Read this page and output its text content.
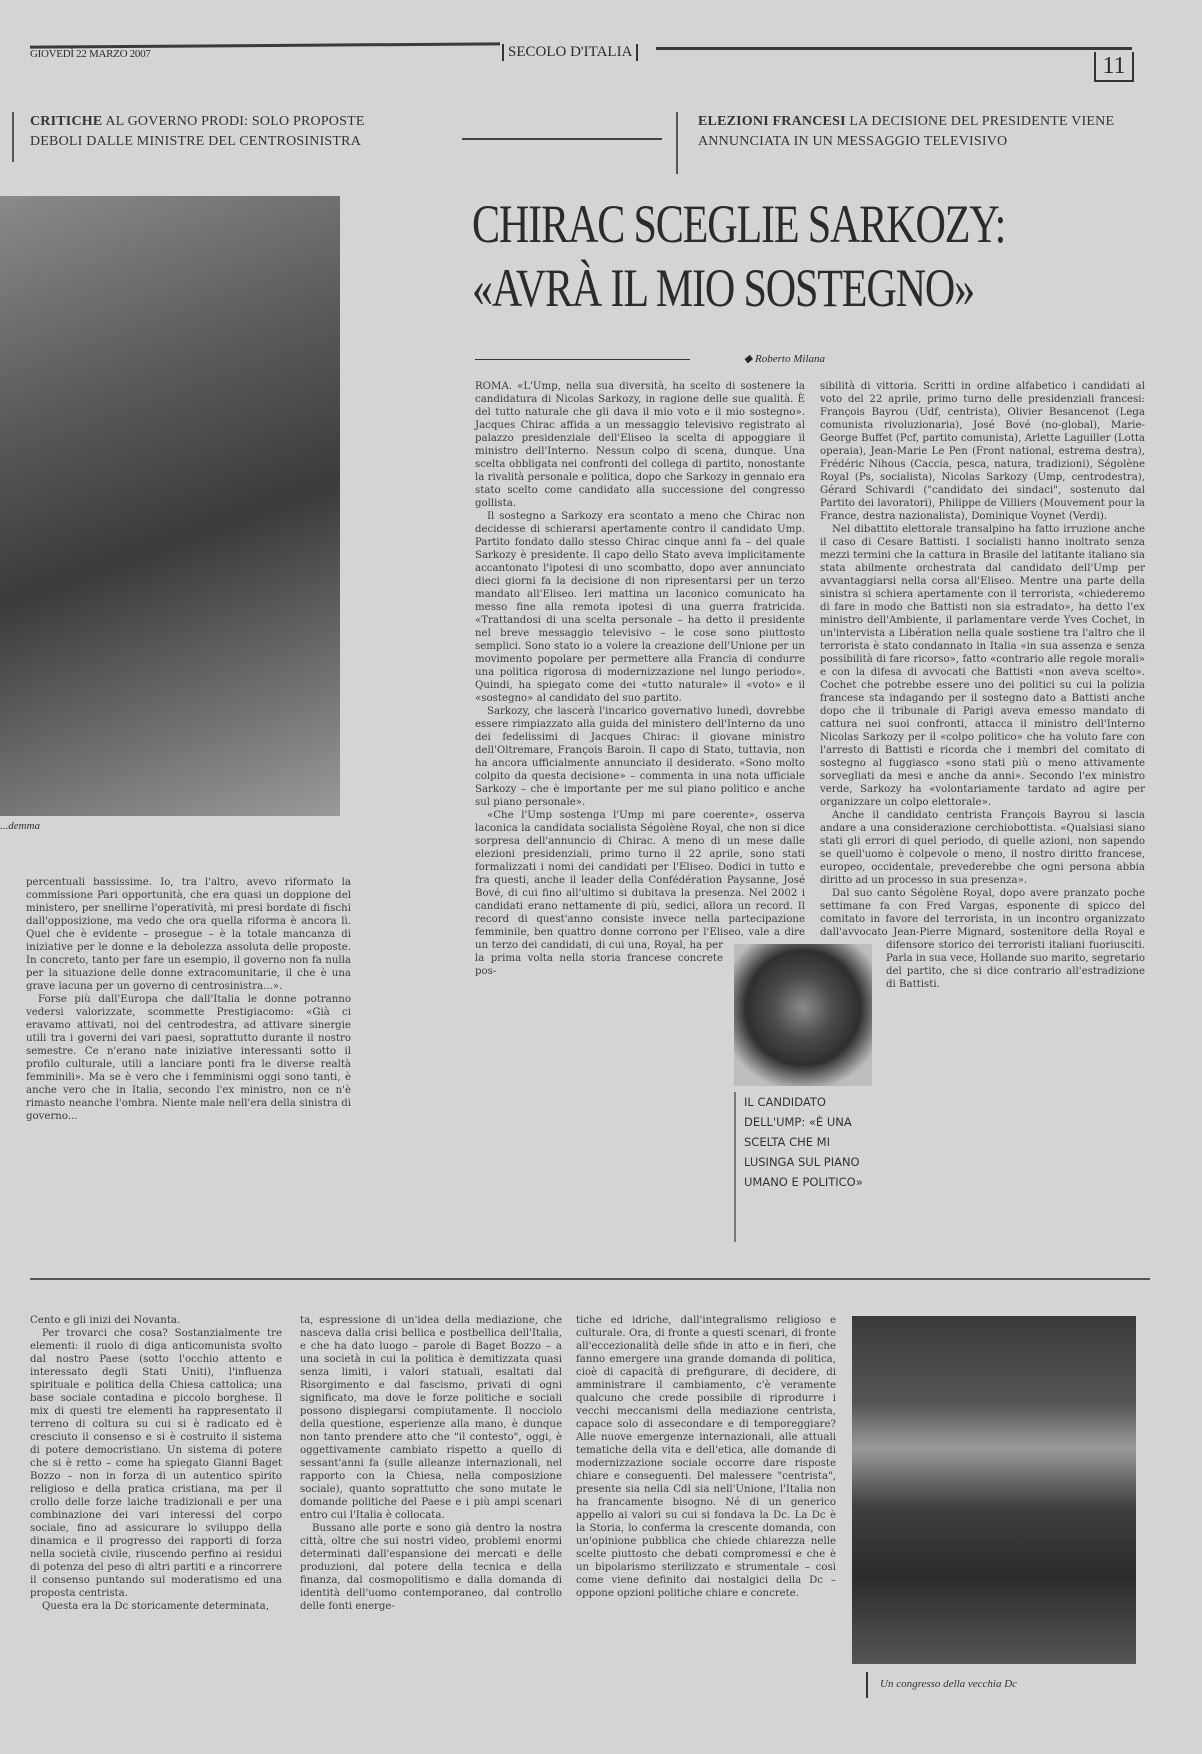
GIOVEDÌ 22 MARZO 2007	SECOLO D'ITALIA
11
CRITICHE AL GOVERNO PRODI: SOLO PROPOSTE DEBOLI DALLE MINISTRE DEL CENTROSINISTRA
ELEZIONI FRANCESI LA DECISIONE DEL PRESIDENTE VIENE ANNUNCIATA IN UN MESSAGGIO TELEVISIVO
CHIRAC SCEGLIE SARKOZY:
«AVRÀ IL MIO SOSTEGNO»
...demma

percentuali bassissime. Io, tra l'altro, avevo riformato la commissione Pari opportunità, che era quasi un doppione del ministero, per snellirne l'operatività, mi presi bordate di fischi dall'opposizione, ma vedo che ora quella riforma è ancora lì. Quel che è evidente – prosegue – è la totale mancanza di iniziative per le donne e la debolezza assoluta delle proposte. In concreto, tanto per fare un esempio, il governo non fa nulla per la situazione delle donne extracomunitarie, il che è una grave lacuna per un governo di centrosinistra...».

Forse più dall'Europa che dall'Italia le donne potranno vedersi valorizzate, scommette Prestigiacomo: «Già ci eravamo attivati, noi del centrodestra, ad attivare sinergie utili tra i governi dei vari paesi, soprattutto durante il nostro semestre. Ce n'erano nate iniziative interessanti sotto il profilo culturale, utili a lanciare ponti fra le diverse realtà femminili». Ma se è vero che i femminismi oggi sono tanti, è anche vero che in Italia, secondo l'ex ministro, non ce n'è rimasto neanche l'ombra. Niente male nell'era della sinistra di governo...

◆ Roberto Milana

ROMA. «L'Ump, nella sua diversità, ha scelto di sostenere la candidatura di Nicolas Sarkozy, in ragione delle sue qualità. È del tutto naturale che gli dava il mio voto e il mio sostegno». Jacques Chirac affida a un messaggio televisivo registrato al palazzo presidenziale dell'Eliseo la scelta di appoggiare il ministro dell'Interno. Nessun colpo di scena, dunque. Una scelta obbligata nei confronti del collega di partito, nonostante la rivalità personale e politica, dopo che Sarkozy in gennaio era stato scelto come candidato alla successione del congresso gollista.

Il sostegno a Sarkozy era scontato a meno che Chirac non decidesse di schierarsi apertamente contro il candidato Ump. Partito fondato dallo stesso Chirac cinque anni fa – del quale Sarkozy è presidente. Il capo dello Stato aveva implicitamente accantonato l'ipotesi di uno scombatto, dopo aver annunciato dieci giorni fa la decisione di non ripresentarsi per un terzo mandato all'Eliseo. Ieri mattina un laconico comunicato ha messo fine alla remota ipotesi di una guerra fratricida. «Trattandosi di una scelta personale – ha detto il presidente nel breve messaggio televisivo – le cose sono piuttosto semplici. Sono stato io a volere la creazione dell'Unione per un movimento popolare per permettere alla Francia di condurre una politica rigorosa di modernizzazione nel lungo periodo». Quindi, ha spiegato come dei «tutto naturale» il «voto» e il «sostegno» al candidato del suo partito.

Sarkozy, che lascerà l'incarico governativo lunedì, dovrebbe essere rimpiazzato alla guida del ministero dell'Interno da uno dei fedelissimi di Jacques Chirac: il giovane ministro dell'Oltremare, François Baroin. Il capo di Stato, tuttavia, non ha ancora ufficialmente annunciato il desiderato. «Sono molto colpito da questa decisione» – commenta in una nota ufficiale Sarkozy – che è importante per me sul piano politico e anche sul piano personale».

«Che l'Ump sostenga l'Ump mi pare coerente», osserva laconica la candidata socialista Ségolène Royal, che non si dice sorpresa dell'annuncio di Chirac. A meno di un mese dalle elezioni presidenziali, primo turno il 22 aprile, sono stati formalizzati i nomi dei candidati per l'Eliseo. Dodici in tutto e fra questi, anche il leader della Confédération Paysanne, José Bové, di cui fino all'ultimo si dubitava la presenza. Nel 2002 i candidati erano nettamente di più, sedici, allora un record. Il record di quest'anno consiste invece nella partecipazione femminile, ben quattro donne corrono per l'Eliseo, vale a dire un terzo dei candidati, di cui una, Royal, ha per la prima volta nella storia francese concrete pos-

sibilità di vittoria. Scritti in ordine alfabetico i candidati al voto del 22 aprile, primo turno delle presidenziali francesi: François Bayrou (Udf, centrista), Olivier Besancenot (Lega comunista rivoluzionaria), José Bové (no-global), Marie-George Buffet (Pcf, partito comunista), Arlette Laguiller (Lotta operaia), Jean-Marie Le Pen (Front national, estrema destra), Frédéric Nihous (Caccia, pesca, natura, tradizioni), Ségolène Royal (Ps, socialista), Nicolas Sarkozy (Ump, centrodestra), Gérard Schivardi ("candidato dei sindaci", sostenuto dal Partito dei lavoratori), Philippe de Villiers (Mouvement pour la France, destra nazionalista), Dominique Voynet (Verdi).

Nel dibattito elettorale transalpino ha fatto irruzione anche il caso di Cesare Battisti. I socialisti hanno inoltrato senza mezzi termini che la cattura in Brasile del latitante italiano sia stata abilmente orchestrata dal candidato dell'Ump per avvantaggiarsi nella corsa all'Eliseo. Mentre una parte della sinistra si schiera apertamente con il terrorista, «chiederemo di fare in modo che Battisti non sia estradato», ha detto l'ex ministro dell'Ambiente, il parlamentare verde Yves Cochet, in un'intervista a Libération nella quale sostiene tra l'altro che il terrorista è stato condannato in Italia «in sua assenza e senza possibilità di fare ricorso», fatto «contrario alle regole morali» e con la difesa di avvocati che Battisti «non aveva scelto». Cochet che potrebbe essere uno dei politici su cui la polizia francese sta indagando per il sostegno dato a Battisti anche dopo che il tribunale di Parigi aveva emesso mandato di cattura nei suoi confronti, attacca il ministro dell'Interno Nicolas Sarkozy per il «colpo politico» che ha voluto fare con l'arresto di Battisti e ricorda che i membri del comitato di sostegno al fuggiasco «sono stati più o meno attivamente sorvegliati da mesi e anche da anni». Secondo l'ex ministro verde, Sarkozy ha «volontariamente tardato ad agire per organizzare un colpo elettorale».

Anche il candidato centrista François Bayrou si lascia andare a una considerazione cerchiobottista. «Qualsiasi siano stati gli errori di quel periodo, di quelle azioni, non sapendo se quell'uomo è colpevole o meno, il nostro diritto francese, europeo, occidentale, prevederebbe che ogni persona abbia diritto ad un processo in sua presenza».

Dal suo canto Ségolène Royal, dopo avere pranzato poche settimane fa con Fred Vargas, esponente di spicco del comitato in favore del terrorista, in un incontro organizzato dall'avvocato Jean-Pierre Mignard, sostenitore della Royal e difensore storico dei terroristi italiani fuoriusciti. Parla in sua vece, Hollande suo marito, segretario del partito, che si dice contrario all'estradizione di Battisti.

IL CANDIDATO DELL'UMP: «È UNA SCELTA CHE MI LUSINGA SUL PIANO UMANO E POLITICO»

Cento e gli inizi dei Novanta.

Per trovarci che cosa? Sostanzialmente tre elementi: il ruolo di diga anticomunista svolto dal nostro Paese (sotto l'occhio attento e interessato degli Stati Uniti), l'influenza spirituale e politica della Chiesa cattolica; una base sociale contadina e piccolo borghese. Il mix di questi tre elementi ha rappresentato il terreno di coltura su cui si è radicato ed è cresciuto il consenso e si è costruito il sistema di potere democristiano. Un sistema di potere che si è retto – come ha spiegato Gianni Baget Bozzo – non in forza di un autentico spirito religioso e della pratica cristiana, ma per il crollo delle forze laiche tradizionali e per una combinazione dei vari interessi del corpo sociale, fino ad assicurare lo sviluppo della dinamica e il progresso dei rapporti di forza nella società civile, riuscendo perfino ai residui di potenza del peso di altri partiti e a rincorrere il consenso puntando sul moderatismo ed una proposta centrista.

Questa era la Dc storicamente determinata,

ta, espressione di un'idea della mediazione, che nasceva dalla crisi bellica e postbellica dell'Italia, e che ha dato luogo – parole di Baget Bozzo – a una società in cui la politica è demitizzata quasi senza limiti, i valori statuali, esaltati dal Risorgimento e dal fascismo, privati di ogni significato, ma dove le forze politiche e sociali possono dispiegarsi compiutamente. Il nocciolo della questione, esperienze alla mano, è dunque non tanto prendere atto che "il contesto", oggi, è oggettivamente cambiato rispetto a quello di sessant'anni fa (sulle alleanze internazionali, nel rapporto con la Chiesa, nella composizione sociale), quanto soprattutto che sono mutate le domande politiche del Paese e i più ampi scenari entro cui l'Italia è collocata.

Bussano alle porte e sono già dentro la nostra città, oltre che sui nostri video, problemi enormi determinati dall'espansione dei mercati e delle produzioni, dal potere della tecnica e della finanza, dal cosmopolitismo e dalla domanda di identità dell'uomo contemporaneo, dal controllo delle fonti energe-

tiche ed idriche, dall'integralismo religioso e culturale. Ora, di fronte a questi scenari, di fronte all'eccezionalità delle sfide in atto e in fieri, che fanno emergere una grande domanda di politica, cioè di capacità di prefigurare, di decidere, di amministrare il cambiamento, c'è veramente qualcuno che crede possibile di riprodurre i vecchi meccanismi della mediazione centrista, capace solo di assecondare e di temporeggiare? Alle nuove emergenze internazionali, alle attuali tematiche della vita e dell'etica, alle domande di modernizzazione sociale occorre dare risposte chiare e conseguenti. Del malessere "centrista", presente sia nella Cdl sia nell'Unione, l'Italia non ha francamente bisogno. Né di un generico appello ai valori su cui si fondava la Dc. La Dc è la Storia, lo conferma la crescente domanda, con un'opinione pubblica che chiede chiarezza nelle scelte piuttosto che debati compromessi e che è un bipolarismo sterilizzato e strumentale – così come viene definito dai nostalgici della Dc – oppone opzioni politiche chiare e concrete.

Un congresso della vecchia Dc
